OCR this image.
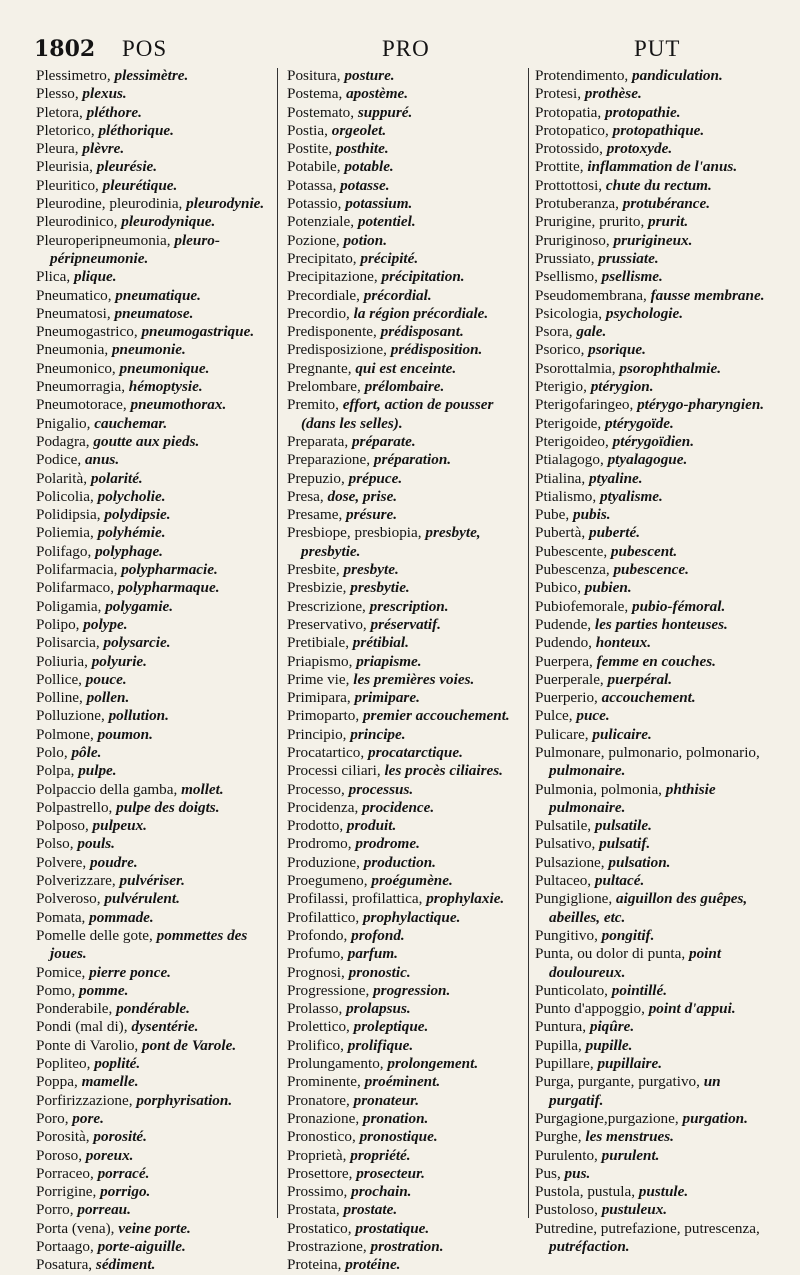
1802 POS	PRO	PUT

Plessimetro, plessimètre.

Plesso, plexus.

Pletora, pléthore.

Pletorico, pléthorique.

Pleura, plèvre.

Pleurisia, pleurésie.

Pleuritico, pleurétique.

Pleurodine, pleurodinia, pleurodynie.

Pleurodinico, pleurodynique.

Pleuroperipneumonia, pleuro-péripneumonie.

Plica, plique.

Pneumatico, pneumatique.

Pneumatosi, pneumatose.

Pneumogastrico, pneumogastrique.

Pneumonia, pneumonie.

Pneumonico, pneumonique.

Pneumorragia, hémoptysie.

Pneumotorace, pneumothorax.

Pnigalio, cauchemar.

Podagra, goutte aux pieds.

Podice, anus.

Polarità, polarité.

Policolia, polycholie.

Polidipsia, polydipsie.

Poliemia, polyhémie.

Polifago, polyphage.

Polifarmacia, polypharmacie.

Polifarmaco, polypharmaque.

Poligamia, polygamie.

Polipo, polype.

Polisarcia, polysarcie.

Poliuria, polyurie.

Pollice, pouce.

Polline, pollen.

Polluzione, pollution.

Polmone, poumon.

Polo, pôle.

Polpa, pulpe.

Polpaccio della gamba, mollet.

Polpastrello, pulpe des doigts.

Polposo, pulpeux.

Polso, pouls.

Polvere, poudre.

Polverizzare, pulvériser.

Polveroso, pulvérulent.

Pomata, pommade.

Pomelle delle gote, pommettes des joues.

Pomice, pierre ponce.

Pomo, pomme.

Ponderabile, pondérable.

Pondi (mal di), dysentérie.

Ponte di Varolio, pont de Varole.

Popliteo, poplité.

Poppa, mamelle.

Porfirizzazione, porphyrisation.

Poro, pore.

Porosità, porosité.

Poroso, poreux.

Porraceo, porracé.

Porrigine, porrigo.

Porro, porreau.

Porta (vena), veine porte.

Portaago, porte-aiguille.

Posatura, sédiment.

Positura, posture.

Postema, apostème.

Postemato, suppuré.

Postia, orgeolet.

Postite, posthite.

Potabile, potable.

Potassa, potasse.

Potassio, potassium.

Potenziale, potentiel.

Pozione, potion.

Precipitato, précipité.

Precipitazione, précipitation.

Precordiale, précordial.

Precordio, la région précordiale.

Predisponente, prédisposant.

Predisposizione, prédisposition.

Pregnante, qui est enceinte.

Prelombare, prélombaire.

Premito, effort, action de pousser (dans les selles).

Preparata, préparate.

Preparazione, préparation.

Prepuzio, prépuce.

Presa, dose, prise.

Presame, présure.

Presbiope, presbiopia, presbyte, presbytie.

Presbite, presbyte.

Presbizie, presbytie.

Prescrizione, prescription.

Preservativo, préservatif.

Pretibiale, prétibial.

Priapismo, priapisme.

Prime vie, les premières voies.

Primipara, primipare.

Primoparto, premier accouchement.

Principio, principe.

Procatartico, procatarctique.

Processi ciliari, les procès ciliaires.

Processo, processus.

Procidenza, procidence.

Prodotto, produit.

Prodromo, prodrome.

Produzione, production.

Proegumeno, proégumène.

Profilassi, profilattica, prophylaxie.

Profilattico, prophylactique.

Profondo, profond.

Profumo, parfum.

Prognosi, pronostic.

Progressione, progression.

Prolasso, prolapsus.

Prolettico, proleptique.

Prolifico, prolifique.

Prolungamento, prolongement.

Prominente, proéminent.

Pronatore, pronateur.

Pronazione, pronation.

Pronostico, pronostique.

Proprietà, propriété.

Prosettore, prosecteur.

Prossimo, prochain.

Prostata, prostate.

Prostatico, prostatique.

Prostrazione, prostration.

Proteina, protéine.

Protendimento, pandiculation.

Protesi, prothèse.

Protopatia, protopathie.

Protopatico, protopathique.

Protossido, protoxyde.

Prottite, inflammation de l'anus.

Prottottosi, chute du rectum.

Protuberanza, protubérance.

Prurigine, prurito, prurit.

Pruriginoso, prurigineux.

Prussiato, prussiate.

Psellismo, psellisme.

Pseudomembrana, fausse membrane.

Psicologia, psychologie.

Psora, gale.

Psorico, psorique.

Psorottalmia, psorophthalmie.

Pterigio, ptérygion.

Pterigofaringeo, ptérygo-pharyngien.

Pterigoide, ptérygoïde.

Pterigoideo, ptérygoïdien.

Ptialagogo, ptyalagogue.

Ptialina, ptyaline.

Ptialismo, ptyalisme.

Pube, pubis.

Pubertà, puberté.

Pubescente, pubescent.

Pubescenza, pubescence.

Pubico, pubien.

Pubiofemorale, pubio-fémoral.

Pudende, les parties honteuses.

Pudendo, honteux.

Puerpera, femme en couches.

Puerperale, puerpéral.

Puerperio, accouchement.

Pulce, puce.

Pulicare, pulicaire.

Pulmonare, pulmonario, polmonario, pulmonaire.

Pulmonia, polmonia, phthisie pulmonaire.

Pulsatile, pulsatile.

Pulsativo, pulsatif.

Pulsazione, pulsation.

Pultaceo, pultacé.

Pungiglione, aiguillon des guêpes, abeilles, etc.

Pungitivo, pongitif.

Punta, ou dolor di punta, point douloureux.

Punticolato, pointillé.

Punto d'appoggio, point d'appui.

Puntura, piqûre.

Pupilla, pupille.

Pupillare, pupillaire.

Purga, purgante, purgativo, un purgatif.

Purgagione,purgazione, purgation.

Purghe, les menstrues.

Purulento, purulent.

Pus, pus.

Pustola, pustula, pustule.

Pustoloso, pustuleux.

Putredine, putrefazione, putrescenza, putréfaction.
